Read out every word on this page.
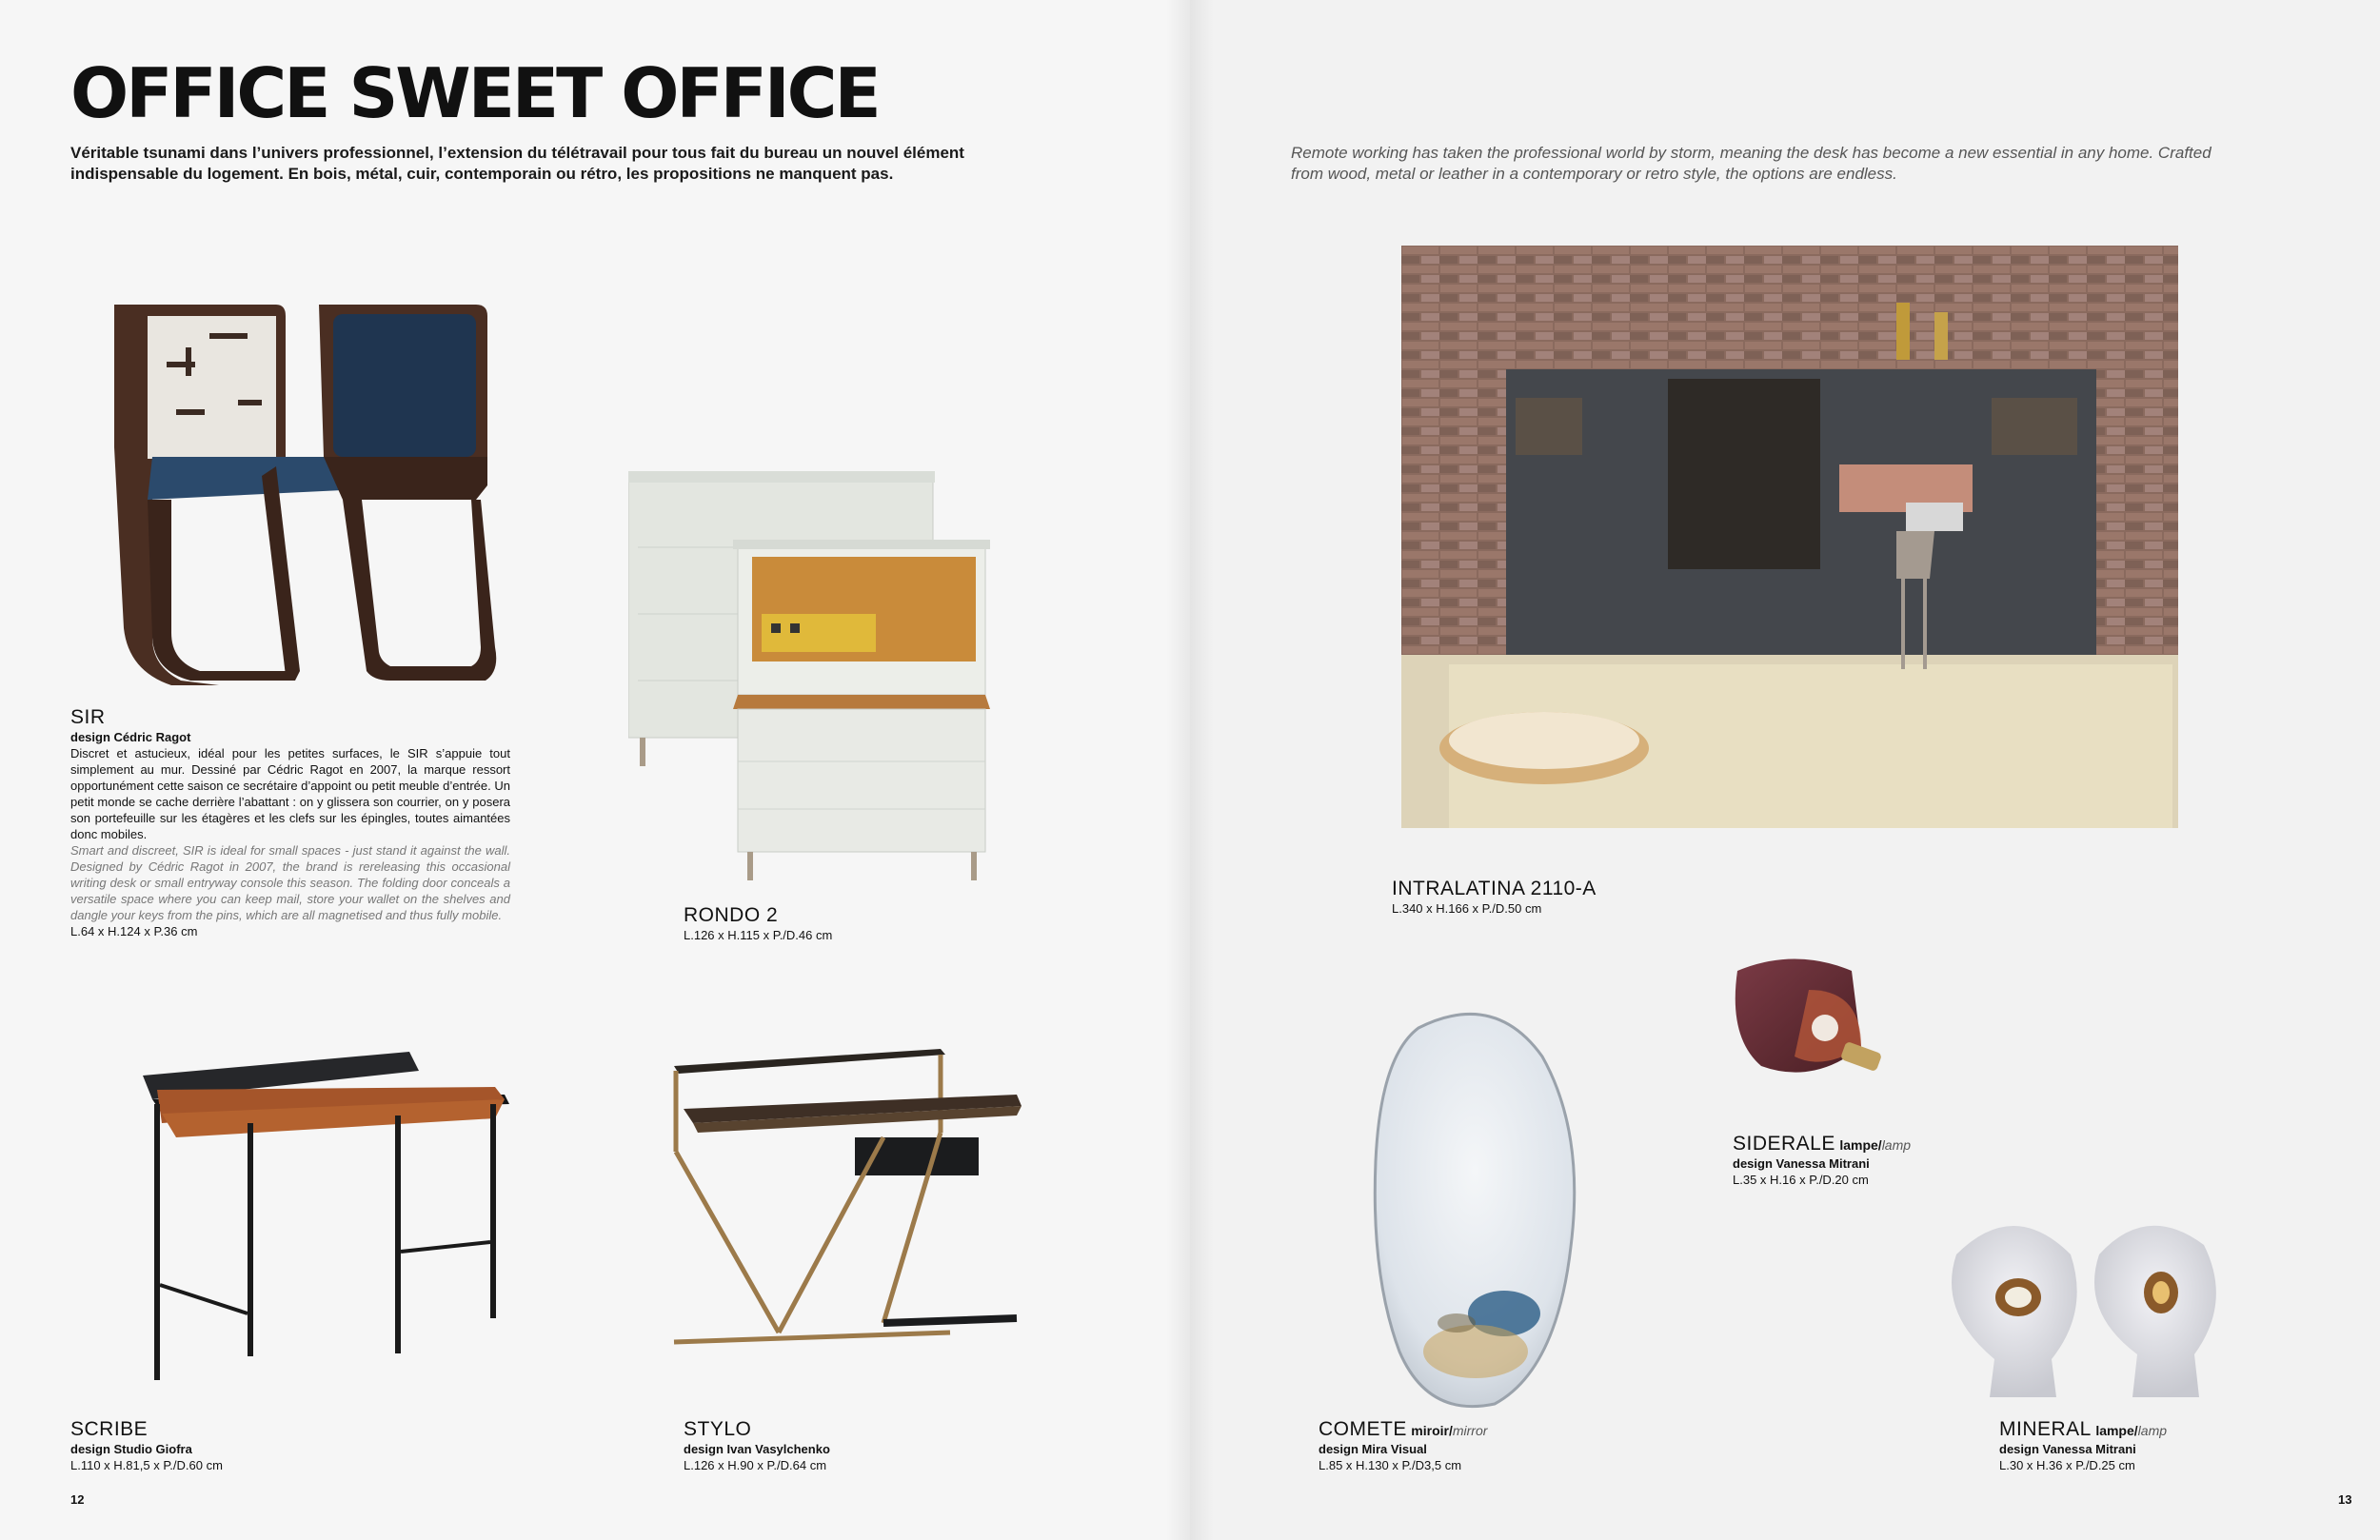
OFFICE SWEET OFFICE

Véritable tsunami dans l’univers professionnel, l’extension du télétravail pour tous fait du bureau un nouvel élément indispensable du logement. En bois, métal, cuir, contemporain ou rétro, les propositions ne manquent pas.

Remote working has taken the professional world by storm, meaning the desk has become a new essential in any home. Crafted from wood, metal or leather in a contemporary or retro style, the options are endless.

SIR
design Cédric Ragot

Discret et astucieux, idéal pour les petites surfaces, le SIR s’appuie tout simplement au mur. Dessiné par Cédric Ragot en 2007, la marque ressort opportunément cette saison ce secrétaire d’appoint ou petit meuble d’entrée. Un petit monde se cache derrière l’abattant : on y glissera son courrier, on y posera son portefeuille sur les étagères et les clefs sur les épingles, toutes aimantées donc mobiles.

Smart and discreet, SIR is ideal for small spaces - just stand it against the wall. Designed by Cédric Ragot in 2007, the brand is rereleasing this occasional writing desk or small entryway console this season. The folding door conceals a versatile space where you can keep mail, store your wallet on the shelves and dangle your keys from the pins, which are all magnetised and thus fully mobile.

L.64 x H.124 x P.36 cm
RONDO 2
L.126 x H.115 x P./D.46 cm
INTRALATINA 2110-A
L.340 x H.166 x P./D.50 cm
SCRIBE
design Studio Giofra
L.110 x H.81,5 x P./D.60 cm
STYLO
design Ivan Vasylchenko
L.126 x H.90 x P./D.64 cm
COMETE miroir/mirror
design Mira Visual
L.85 x H.130 x P./D3,5 cm
SIDERALE lampe/lamp
design Vanessa Mitrani
L.35 x H.16 x P./D.20 cm
MINERAL lampe/lamp
design Vanessa Mitrani
L.30 x H.36 x P./D.25 cm
12	13
